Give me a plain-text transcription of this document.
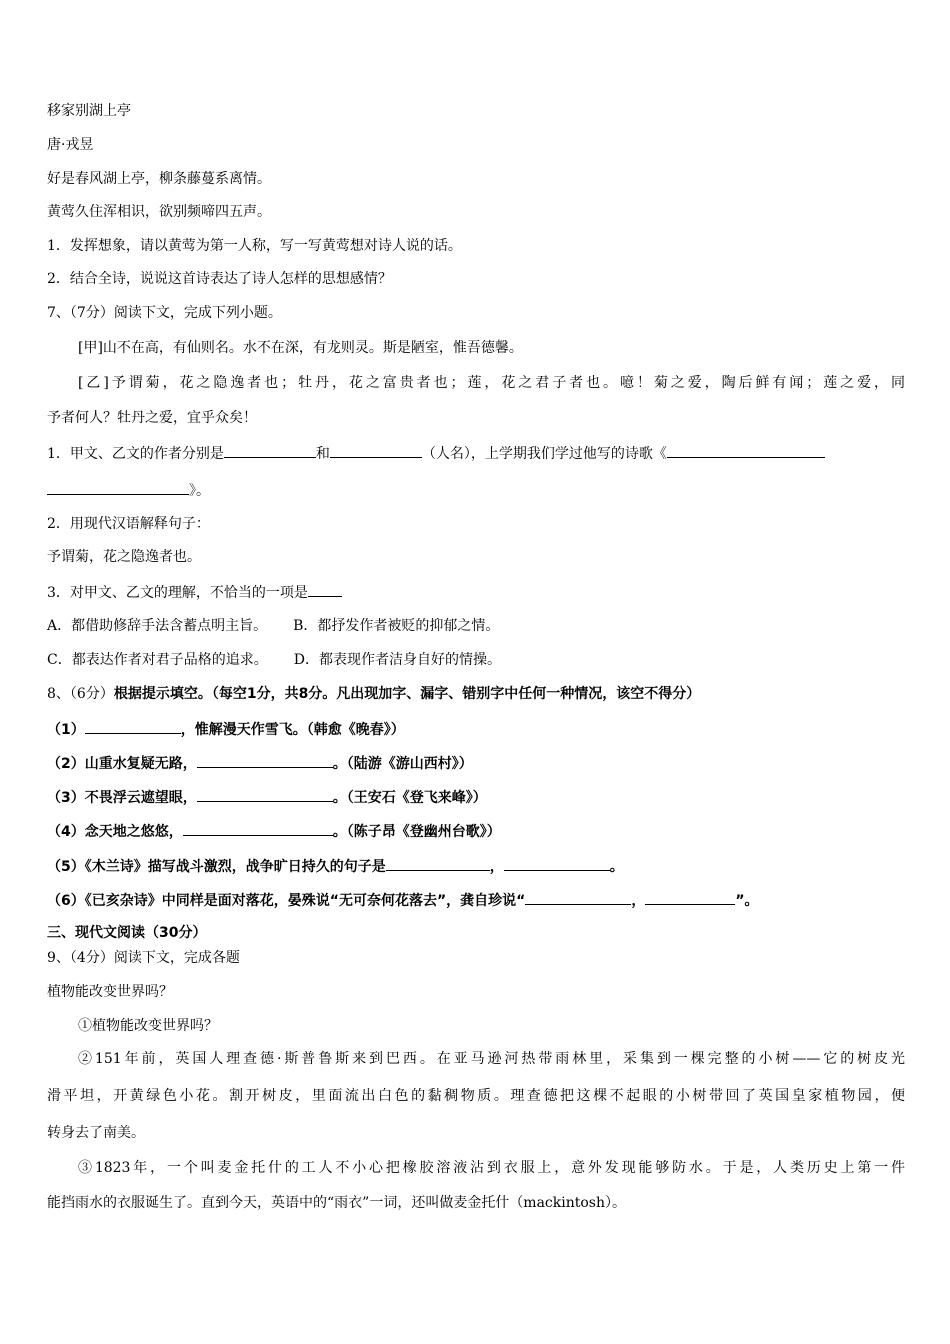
移家别湖上亭
唐·戎昱
好是春风湖上亭，柳条藤蔓系离情。
黄莺久住浑相识，欲别频啼四五声。
1．发挥想象，请以黄莺为第一人称，写一写黄莺想对诗人说的话。
2．结合全诗，说说这首诗表达了诗人怎样的思想感情？
7、（7分）阅读下文，完成下列小题。
[甲]山不在高，有仙则名。水不在深，有龙则灵。斯是陋室，惟吾德馨。
[乙]予谓菊，花之隐逸者也；牡丹，花之富贵者也；莲，花之君子者也。噫！菊之爱，陶后鲜有闻；莲之爱，同
予者何人？牡丹之爱，宜乎众矣！
1．甲文、乙文的作者分别是	和	（人名），上学期我们学过他写的诗歌《
》。
2．用现代汉语解释句子：
予谓菊，花之隐逸者也。
3．对甲文、乙文的理解，不恰当的一项是
A．都借助修辞手法含蓄点明主旨。 B．都抒发作者被贬的抑郁之情。
C．都表达作者对君子品格的追求。 D．都表现作者洁身自好的情操。
8、（6分）根据提示填空。（每空1分，共8分。凡出现加字、漏字、错别字中任何一种情况，该空不得分）
（1）	，惟解漫天作雪飞。（韩愈《晚春》）
（2）山重水复疑无路，	。（陆游《游山西村》）
（3）不畏浮云遮望眼，	。（王安石《登飞来峰》）
（4）念天地之悠悠，	。（陈子昂《登幽州台歌》）
（5）《木兰诗》描写战斗激烈，战争旷日持久的句子是	，	。
（6）《已亥杂诗》中同样是面对落花，晏殊说“无可奈何花落去”，龚自珍说“	，	”。
三、现代文阅读（30分）
9、（4分）阅读下文，完成各题
植物能改变世界吗？
①植物能改变世界吗？
②151年前，英国人理查德·斯普鲁斯来到巴西。在亚马逊河热带雨林里，采集到一棵完整的小树——它的树皮光
滑平坦，开黄绿色小花。割开树皮，里面流出白色的黏稠物质。理查德把这棵不起眼的小树带回了英国皇家植物园，便
转身去了南美。
③1823年，一个叫麦金托什的工人不小心把橡胶溶液沾到衣服上，意外发现能够防水。于是，人类历史上第一件
能挡雨水的衣服诞生了。直到今天，英语中的“雨衣”一词，还叫做麦金托什（mackintosh）。
